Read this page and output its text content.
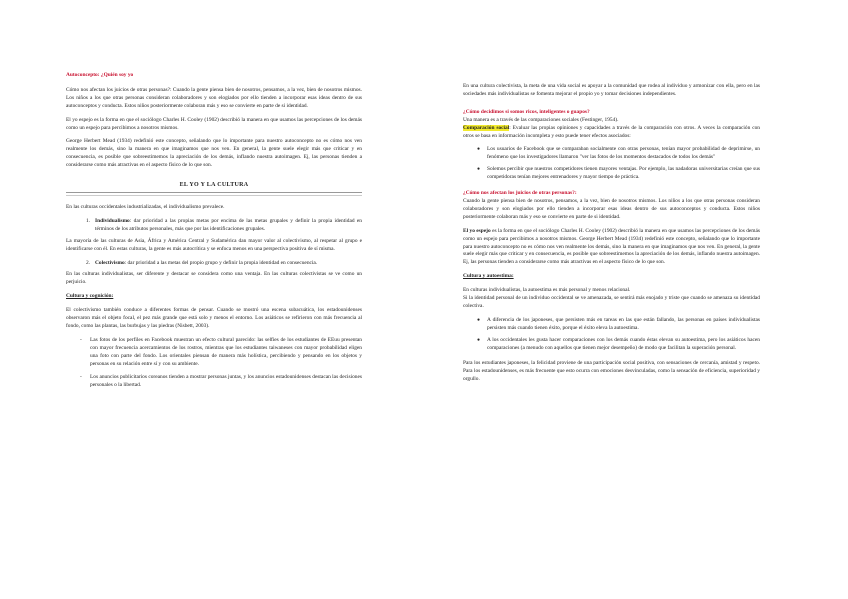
Autoconcepto: ¿Quién soy yo

Cómo nos afectan los juicios de otras personas?: Cuando la gente piensa bien de nosotros, pensamos, a la vez, bien de nosotros mismos. Los niños a los que otras personas consideran colaboradores y son elogiados por ello tienden a incorporar esas ideas dentro de sus autoconceptos y conducta. Estos niños posteriormente colaboran más y eso se convierte en parte de si identidad.

El yo espejo es la forma en que el sociólogo Charles H. Cooley (1902) describió la manera en que usamos las percepciones de los demás como un espejo para percibimos a nosotros mismos.

George Herbert Mead (1934) redefinió este concepto, señalando que lo importante para nuestro autoconcepto no es cómo nos ven realmente los demás, sino la manera en que imaginamos que nos ven. En general, la gente suele elegir más que criticar y en consecuencia, es posible que sobreestimemos la apreciación de los demás, inflando nuestra autoimagen. Ej, las personas tienden a considerarse como más atractivas en el aspecto físico de lo que son.

EL YO Y LA CULTURA

En las culturas occidentales industrializadas, el individualismo prevalece.

1. Individualismo: dar prioridad a las propias metas por encima de las metas grupales y definir la propia identidad en términos de los atributos personales, más que por las identificaciones grupales.

La mayoría de las culturas de Asia, África y América Central y Sudamérica dan mayor valor al colectivismo, al respetar al grupo e identificarse con él. En estas culturas, la gente es más autocrítica y se enfoca menos en una perspectiva positiva de sí misma.

2. Colectivismo: dar prioridad a las metas del propio grupo y definir la propia identidad en consecuencia.

En las culturas individualistas, ser diferente y destacar se considera como una ventaja. En las culturas colectivistas se ve como un perjuicio.

Cultura y cognición:

El colectivismo también conduce a diferentes formas de pensar. Cuando se mostró una escena subacuática, los estadounidenses observaron más el objeto focal, el pez más grande que está solo y menos el entorno. Los asiáticos se refirieron con más frecuencia al fondo, como las plantas, las burbujas y las piedras (Nisbett, 2003).

-	Las fotos de los perfiles en Facebook muestran un efecto cultural parecido: las selfies de los estudiantes de EEuu presentan con mayor frecuencia acercamientos de los rostros, mientras que los estudiantes taiwaneses con mayor probabilidad eligen una foto con parte del fondo. Los orientales piensan de manera más holística, percibiendo y pensando en los objetos y personas en su relación entre sí y con su ambiente.
-	Los anuncios publicitarios coreanos tienden a mostrar personas juntas, y los anuncios estadounidenses destacan las decisiones personales o la libertad.

En una cultura colectivista, la meta de una vida social es apoyar a la comunidad que rodea al individuo y armonizar con ella, pero en las sociedades más individualistas se fomenta mejorar el propio yo y tomar decisiones independientes.

¿Cómo decidimos si somos ricos, inteligentes o guapos?

Una manera es a través de las comparaciones sociales (Festinger, 1954).

Comparación social: Evaluar las propias opiniones y capacidades a través de la comparación con otros. A veces la comparación con otros se basa en información incompleta y esto puede tener efectos asociados:

●	Los usuarios de Facebook que se comparaban socialmente con otras personas, tenían mayor probabilidad de deprimirse, un fenómeno que los investigadores llamaron "ver las fotos de los momentos destacados de todos los demás"
●	Solemos percibir que nuestros competidores tienen mayores ventajas. Por ejemplo, las nadadoras universitarias creían que sus competidoras tenían mejores entrenadores y mayor tiempo de práctica.

¿Cómo nos afectan los juicios de otras personas?:

Cuando la gente piensa bien de nosotros, pensamos, a la vez, bien de nosotros mismos. Los niños a los que otras personas consideran colaboradores y son elogiados por ello tienden a incorporar esas ideas dentro de sus autoconceptos y conducta. Estos niños posteriormente colaboran más y eso se convierte en parte de si identidad.

El yo espejo es la forma en que el sociólogo Charles H. Cooley (1902) describió la manera en que usamos las percepciones de los demás como un espejo para percibimos a nosotros mismos. George Herbert Mead (1934) redefinió este concepto, señalando que lo importante para nuestro autoconcepto no es cómo nos ven realmente los demás, sino la manera en que imaginamos que nos ven. En general, la gente suele elegir más que criticar y en consecuencia, es posible que sobreestimemos la apreciación de los demás, inflando nuestra autoimagen. Ej, las personas tienden a considerarse como más atractivas en el aspecto físico de lo que son.

Cultura y autoestima:

En culturas individualistas, la autoestima es más personal y menos relacional.

Si la identidad personal de un individuo occidental se ve amenazada, se sentirá más enojado y triste que cuando se amenaza su identidad colectiva.

●	A diferencia de los japoneses, que persisten más en tareas en las que están fallando, las personas en países individualistas persisten más cuando tienen éxito, porque el éxito eleva la autoestima.
●	A los occidentales les gusta hacer comparaciones con los demás cuando éstas elevan su autoestima, pero los asiáticos hacen comparaciones (a menudo con aquellos que tienen mejor desempeño) de modo que facilitan la superación personal.

Para los estudiantes japoneses, la felicidad proviene de una participación social positiva, con sensaciones de cercanía, amistad y respeto. Para los estadounidenses, es más frecuente que esto ocurra con emociones desvinculadas, como la sensación de eficiencia, superioridad y orgullo.
